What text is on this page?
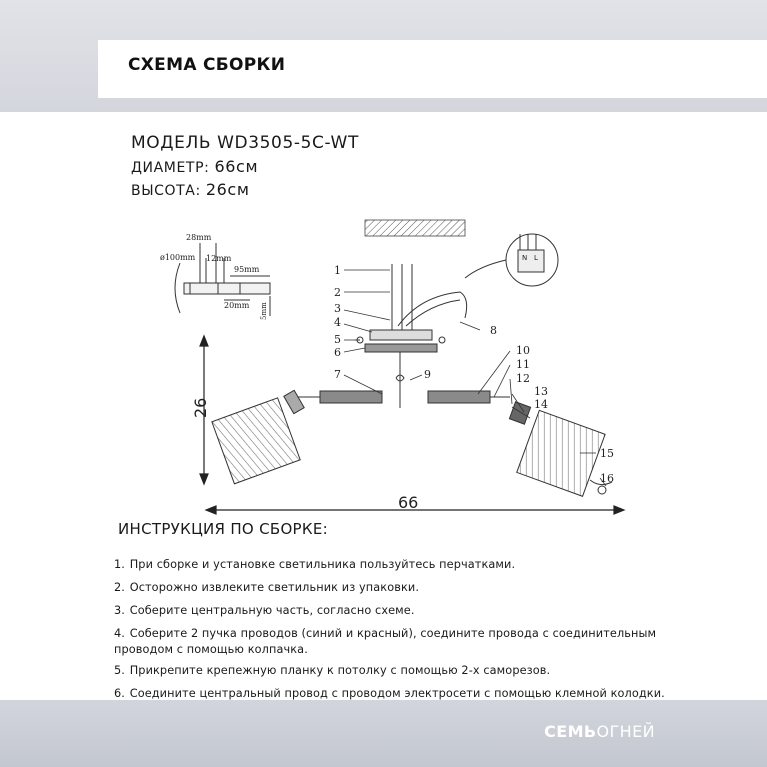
СХЕМА СБОРКИ
МОДЕЛЬ WD3505-5C-WT
ДИАМЕТР: 66см
ВЫСОТА: 26см
ø100mm
28mm
12mm
95mm
20mm 5mm
N L
26
66
1
2
3
4
5
6
7
8
9
10
11
12
13
14
15
16
ИНСТРУКЦИЯ ПО СБОРКЕ:
1. При сборке и установке светильника пользуйтесь перчатками.
2. Осторожно извлеките светильник из упаковки.
3. Соберите центральную часть, согласно схеме.
4. Соберите 2 пучка проводов (синий и красный), соедините провода с соединительным проводом с помощью колпачка.
5. Прикрепите крепежную планку к потолку с помощью 2-х саморезов.
6. Соедините центральный провод с проводом электросети с помощью клемной колодки.
СЕМЬОГНЕЙ
